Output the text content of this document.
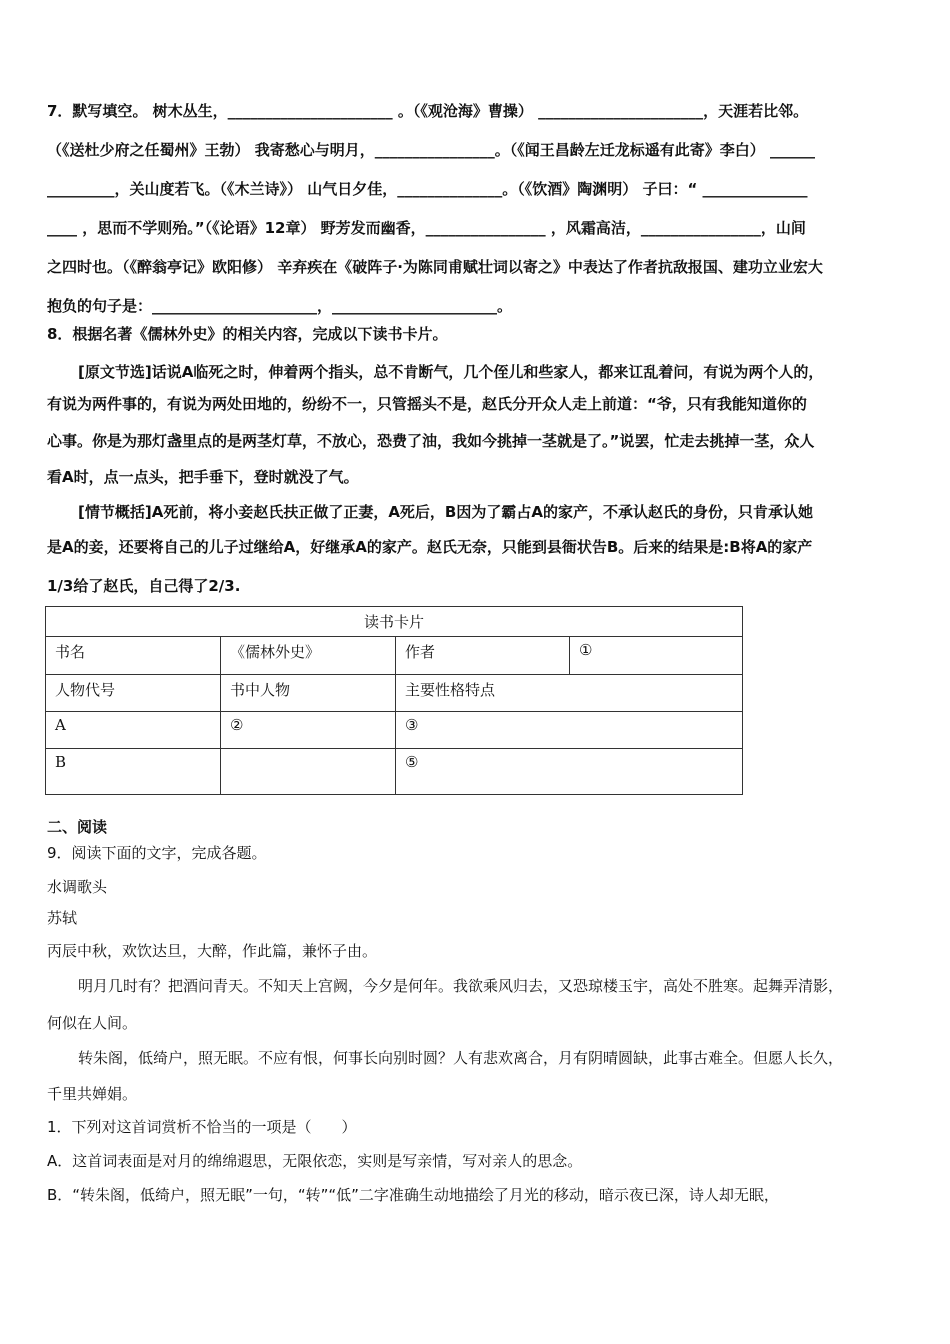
7．默写填空。 树木丛生，______________________ 。（《观沧海》曹操） ______________________，天涯若比邻。
（《送杜少府之任蜀州》王勃） 我寄愁心与明月，________________。（《闻王昌龄左迁龙标遥有此寄》李白） ______
_________，关山度若飞。（《木兰诗》） 山气日夕佳，______________。（《饮酒》陶渊明） 子曰：“ ______________
____ ，思而不学则殆。”（《论语》12章） 野芳发而幽香，________________ ，风霜高洁，________________，山间
之四时也。（《醉翁亭记》欧阳修） 辛弃疾在《破阵子·为陈同甫赋壮词以寄之》中表达了作者抗敌报国、建功立业宏大
抱负的句子是：______________________，______________________。
8．根据名著《儒林外史》的相关内容，完成以下读书卡片。
[原文节选]话说A临死之时，伸着两个指头，总不肯断气，几个侄儿和些家人，都来讧乱着问，有说为两个人的，
有说为两件事的，有说为两处田地的，纷纷不一，只管摇头不是，赵氏分开众人走上前道：“爷，只有我能知道你的
心事。你是为那灯盏里点的是两茎灯草，不放心，恐费了油，我如今挑掉一茎就是了。”说罢，忙走去挑掉一茎，众人
看A时，点一点头，把手垂下，登时就没了气。
[情节概括]A死前，将小妾赵氏扶正做了正妻，A死后，B因为了霸占A的家产，不承认赵氏的身份，只肯承认她
是A的妾，还要将自己的儿子过继给A，好继承A的家产。赵氏无奈，只能到县衙状告B。后来的结果是:B将A的家产
1/3给了赵氏，自己得了2/3.
读书卡片			
书名	《儒林外史》	作者	①
人物代号	书中人物	主要性格特点	
A	②	③	
B		⑤	
二、阅读
9．阅读下面的文字，完成各题。
水调歌头
苏轼
丙辰中秋，欢饮达旦，大醉，作此篇，兼怀子由。
明月几时有？把酒问青天。不知天上宫阙，今夕是何年。我欲乘风归去，又恐琼楼玉宇，高处不胜寒。起舞弄清影，
何似在人间。
转朱阁，低绮户，照无眠。不应有恨，何事长向别时圆？人有悲欢离合，月有阴晴圆缺，此事古难全。但愿人长久，
千里共婵娟。
1．下列对这首词赏析不恰当的一项是（　　）
A．这首词表面是对月的绵绵遐思，无限依恋，实则是写亲情，写对亲人的思念。
B．“转朱阁，低绮户，照无眠”一句，“转”“低”二字准确生动地描绘了月光的移动，暗示夜已深，诗人却无眠，
